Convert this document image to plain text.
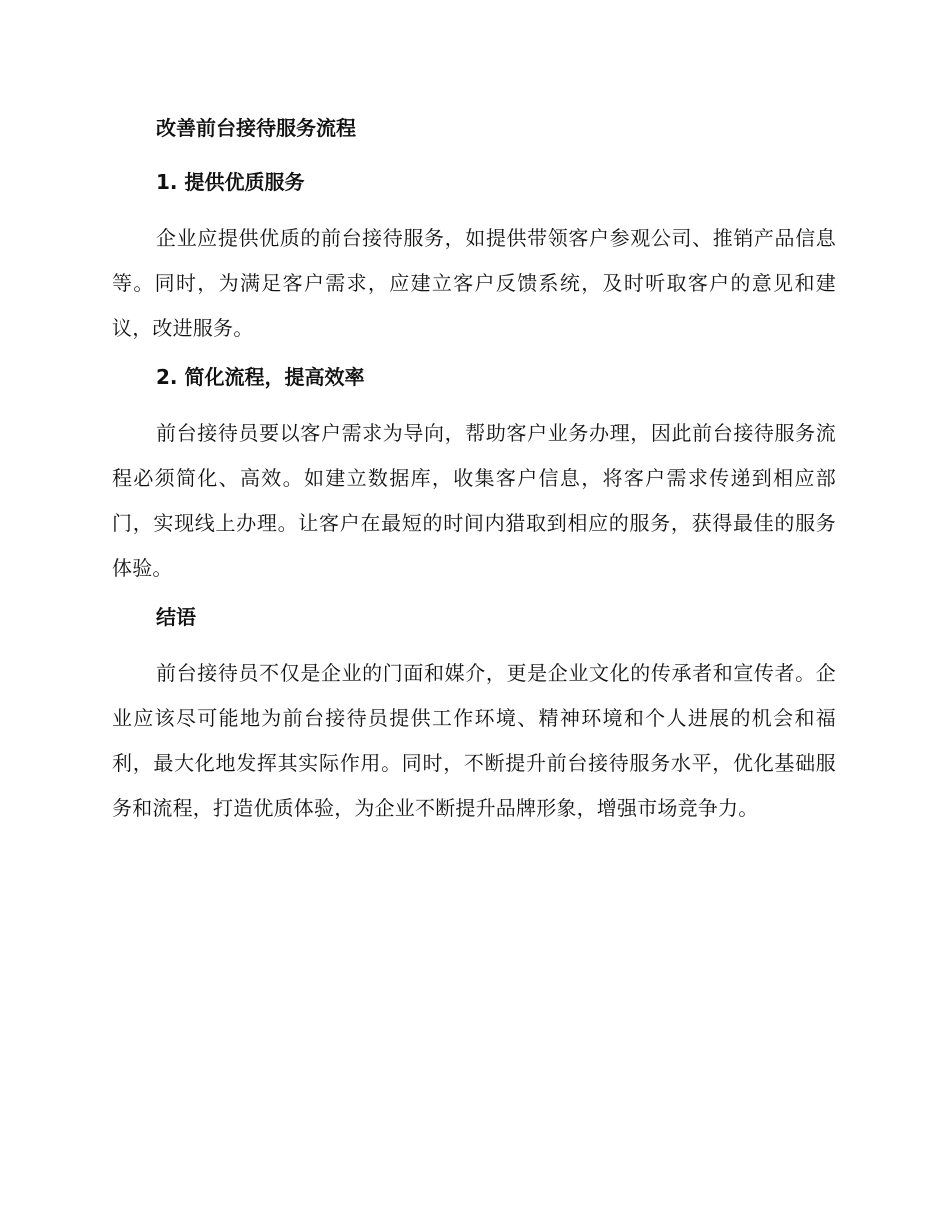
改善前台接待服务流程
1. 提供优质服务

企业应提供优质的前台接待服务，如提供带领客户参观公司、推销产品信息等。同时，为满足客户需求，应建立客户反馈系统，及时听取客户的意见和建议，改进服务。

2. 简化流程，提高效率

前台接待员要以客户需求为导向，帮助客户业务办理，因此前台接待服务流程必须简化、高效。如建立数据库，收集客户信息，将客户需求传递到相应部门，实现线上办理。让客户在最短的时间内猎取到相应的服务，获得最佳的服务体验。

结语

前台接待员不仅是企业的门面和媒介，更是企业文化的传承者和宣传者。企业应该尽可能地为前台接待员提供工作环境、精神环境和个人进展的机会和福利，最大化地发挥其实际作用。同时，不断提升前台接待服务水平，优化基础服务和流程，打造优质体验，为企业不断提升品牌形象，增强市场竞争力。
